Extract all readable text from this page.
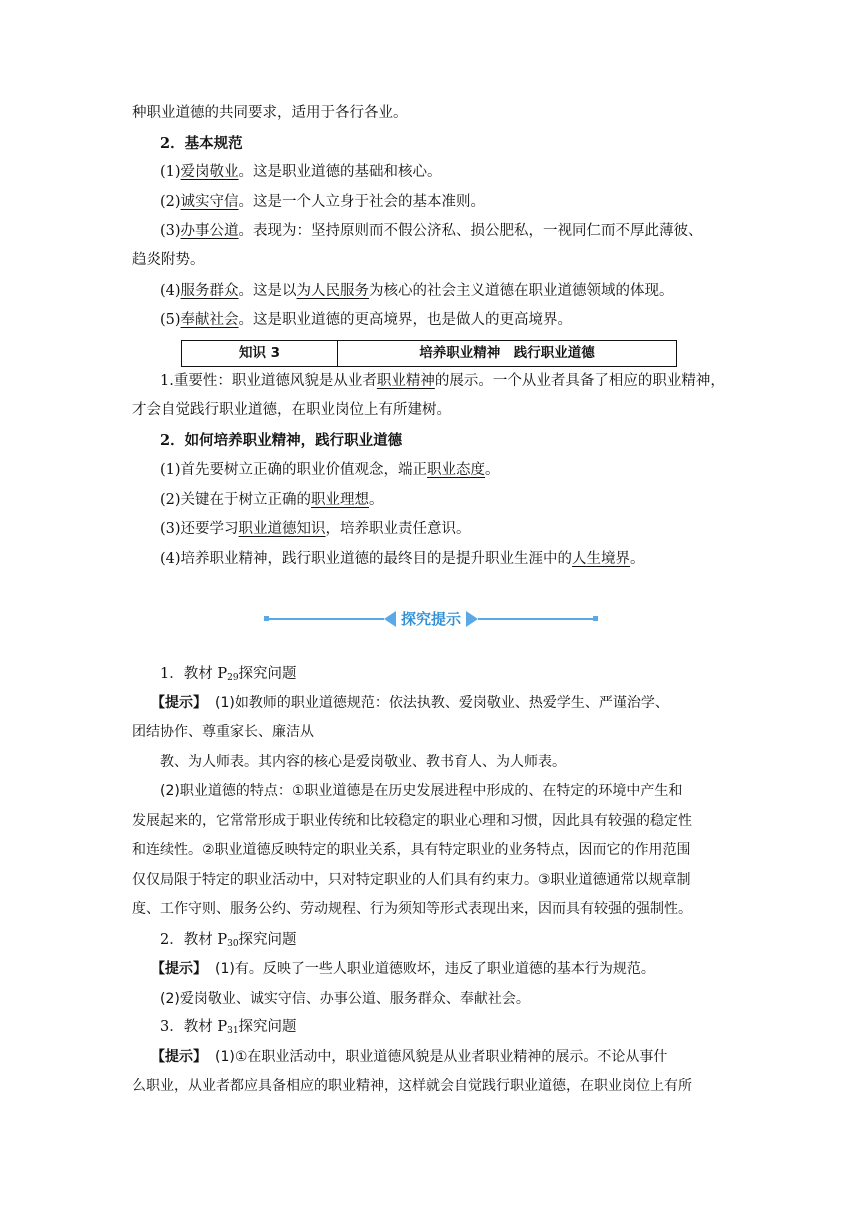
种职业道德的共同要求，适用于各行各业。
2．基本规范
(1)爱岗敬业。这是职业道德的基础和核心。
(2)诚实守信。这是一个人立身于社会的基本准则。
(3)办事公道。表现为：坚持原则而不假公济私、损公肥私，一视同仁而不厚此薄彼、
趋炎附势。
(4)服务群众。这是以为人民服务为核心的社会主义道德在职业道德领域的体现。
(5)奉献社会。这是职业道德的更高境界，也是做人的更高境界。
知识 3	培养职业精神　践行职业道德
1.重要性：职业道德风貌是从业者职业精神的展示。一个从业者具备了相应的职业精神，
才会自觉践行职业道德，在职业岗位上有所建树。
2．如何培养职业精神，践行职业道德
(1)首先要树立正确的职业价值观念，端正职业态度。
(2)关键在于树立正确的职业理想。
(3)还要学习职业道德知识，培养职业责任意识。
(4)培养职业精神，践行职业道德的最终目的是提升职业生涯中的人生境界。
探究提示
1．教材 $P_{29}$探究问题
【提示】 (1)如教师的职业道德规范：依法执教、爱岗敬业、热爱学生、严谨治学、
团结协作、尊重家长、廉洁从
教、为人师表。其内容的核心是爱岗敬业、教书育人、为人师表。
(2)职业道德的特点：①职业道德是在历史发展进程中形成的、在特定的环境中产生和
发展起来的，它常常形成于职业传统和比较稳定的职业心理和习惯，因此具有较强的稳定性
和连续性。②职业道德反映特定的职业关系，具有特定职业的业务特点，因而它的作用范围
仅仅局限于特定的职业活动中，只对特定职业的人们具有约束力。③职业道德通常以规章制
度、工作守则、服务公约、劳动规程、行为须知等形式表现出来，因而具有较强的强制性。
2．教材 $P_{30}$探究问题
【提示】 (1)有。反映了一些人职业道德败坏，违反了职业道德的基本行为规范。
(2)爱岗敬业、诚实守信、办事公道、服务群众、奉献社会。
3．教材 $P_{31}$探究问题
【提示】 (1)①在职业活动中，职业道德风貌是从业者职业精神的展示。不论从事什
么职业，从业者都应具备相应的职业精神，这样就会自觉践行职业道德，在职业岗位上有所
